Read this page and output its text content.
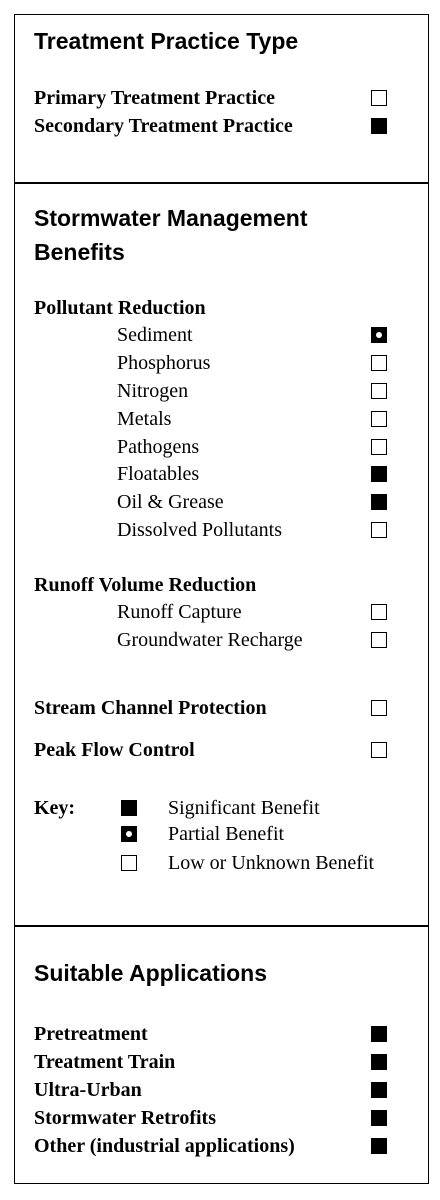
Treatment Practice Type
Primary Treatment Practice
Secondary Treatment Practice
Stormwater Management
Benefits
Pollutant Reduction
Sediment
Phosphorus
Nitrogen
Metals
Pathogens
Floatables
Oil & Grease
Dissolved Pollutants
Runoff Volume Reduction
Runoff Capture
Groundwater Recharge
Stream Channel Protection
Peak Flow Control
Key:	Significant Benefit
Partial Benefit
Low or Unknown Benefit
Suitable Applications
Pretreatment
Treatment Train
Ultra-Urban
Stormwater Retrofits
Other (industrial applications)
